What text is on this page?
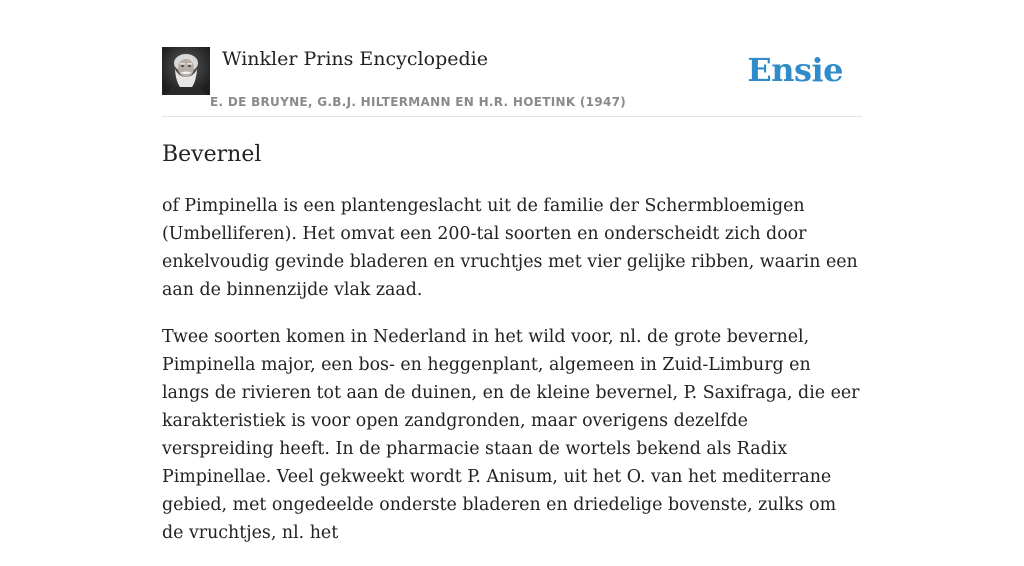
Winkler Prins Encyclopedie
E. DE BRUYNE, G.B.J. HILTERMANN EN H.R. HOETINK (1947)
Ensie
Bevernel

of Pimpinella is een plantengeslacht uit de familie der Schermbloemigen (Umbelliferen). Het omvat een 200-tal soorten en onderscheidt zich door enkelvoudig gevinde bladeren en vruchtjes met vier gelijke ribben, waarin een aan de binnenzijde vlak zaad.

Twee soorten komen in Nederland in het wild voor, nl. de grote bevernel, Pimpinella major, een bos- en heggenplant, algemeen in Zuid-Limburg en langs de rivieren tot aan de duinen, en de kleine bevernel, P. Saxifraga, die eer karakteristiek is voor open zandgronden, maar overigens dezelfde verspreiding heeft. In de pharmacie staan de wortels bekend als Radix Pimpinellae. Veel gekweekt wordt P. Anisum, uit het O. van het mediterrane gebied, met ongedeelde onderste bladeren en driedelige bovenste, zulks om de vruchtjes, nl. het
